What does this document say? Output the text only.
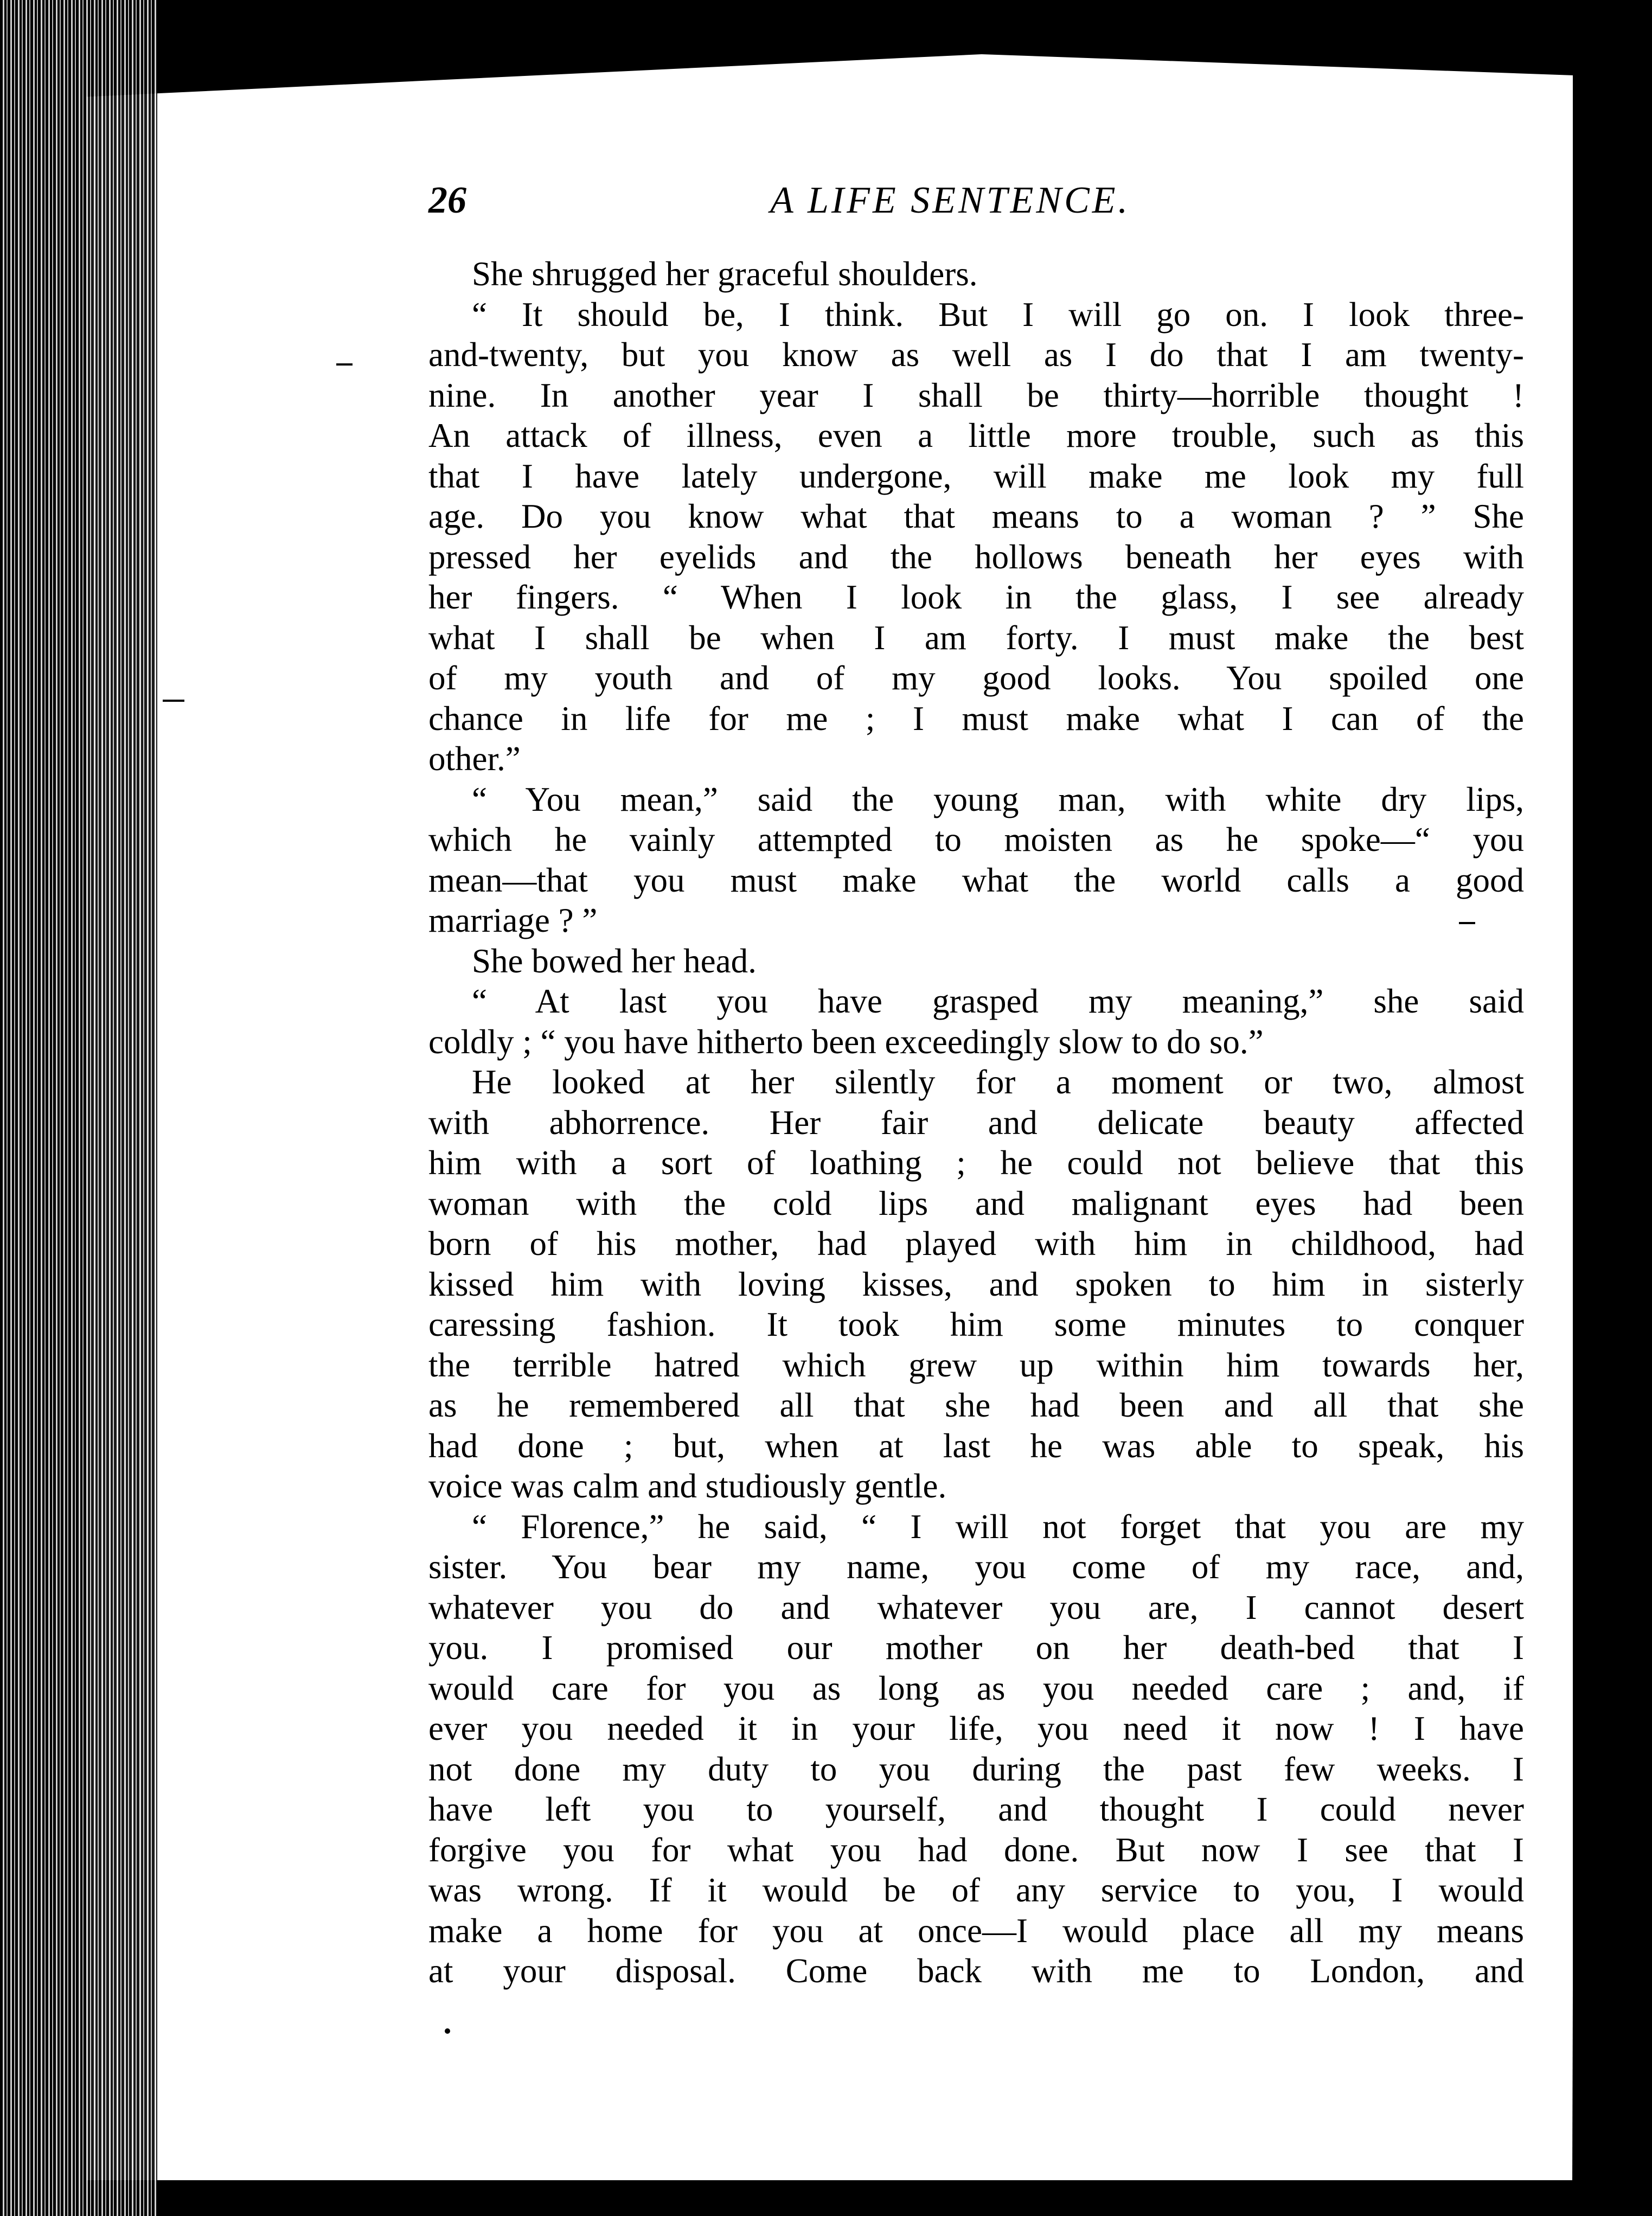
26	A LIFE SENTENCE.
She shrugged her graceful shoulders.
“ It should be, I think. But I will go on. I look three-
and-twenty, but you know as well as I do that I am twenty-
nine. In another year I shall be thirty—horrible thought !
An attack of illness, even a little more trouble, such as this
that I have lately undergone, will make me look my full
age. Do you know what that means to a woman ? ” She
pressed her eyelids and the hollows beneath her eyes with
her fingers. “ When I look in the glass, I see already
what I shall be when I am forty. I must make the best
of my youth and of my good looks. You spoiled one
chance in life for me ; I must make what I can of the
other.”
“ You mean,” said the young man, with white dry lips,
which he vainly attempted to moisten as he spoke—“ you
mean—that you must make what the world calls a good
marriage ? ”
She bowed her head.
“ At last you have grasped my meaning,” she said
coldly ; “ you have hitherto been exceedingly slow to do so.”
He looked at her silently for a moment or two, almost
with abhorrence. Her fair and delicate beauty affected
him with a sort of loathing ; he could not believe that this
woman with the cold lips and malignant eyes had been
born of his mother, had played with him in childhood, had
kissed him with loving kisses, and spoken to him in sisterly
caressing fashion. It took him some minutes to conquer
the terrible hatred which grew up within him towards her,
as he remembered all that she had been and all that she
had done ; but, when at last he was able to speak, his
voice was calm and studiously gentle.
“ Florence,” he said, “ I will not forget that you are my
sister. You bear my name, you come of my race, and,
whatever you do and whatever you are, I cannot desert
you. I promised our mother on her death-bed that I
would care for you as long as you needed care ; and, if
ever you needed it in your life, you need it now ! I have
not done my duty to you during the past few weeks. I
have left you to yourself, and thought I could never
forgive you for what you had done. But now I see that I
was wrong. If it would be of any service to you, I would
make a home for you at once—I would place all my means
at your disposal. Come back with me to London, and
